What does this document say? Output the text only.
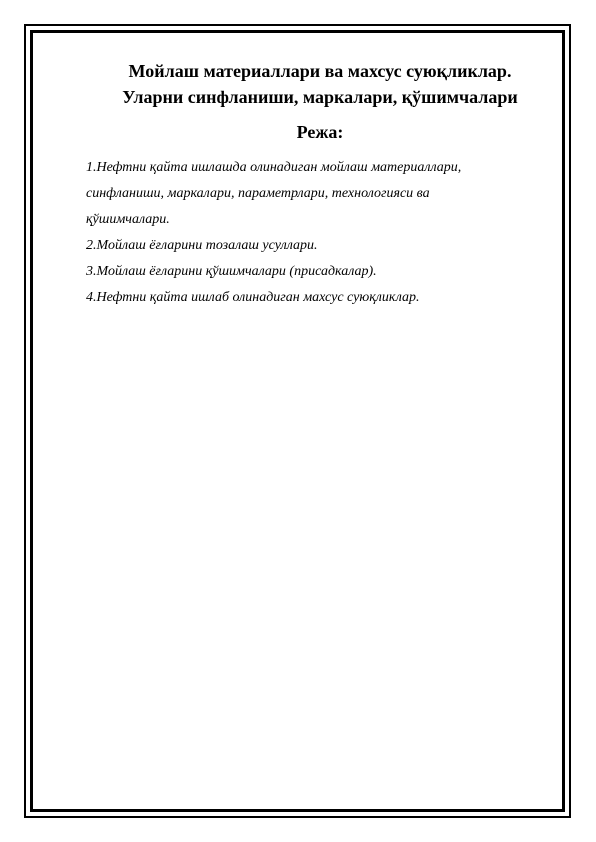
Мойлаш материаллари ва махсус суюқликлар.
Уларни синфланиши, маркалари, қўшимчалари
Режа:
1.Нефтни қайта ишлашда олинадиган мойлаш материаллари,
синфланиши, маркалари, параметрлари, технологияси ва
қўшимчалари.
2.Мойлаш ёғларини тозалаш усуллари.
3.Мойлаш ёғларини қўшимчалари (присадкалар).
4.Нефтни қайта ишлаб олинадиган махсус суюқликлар.
